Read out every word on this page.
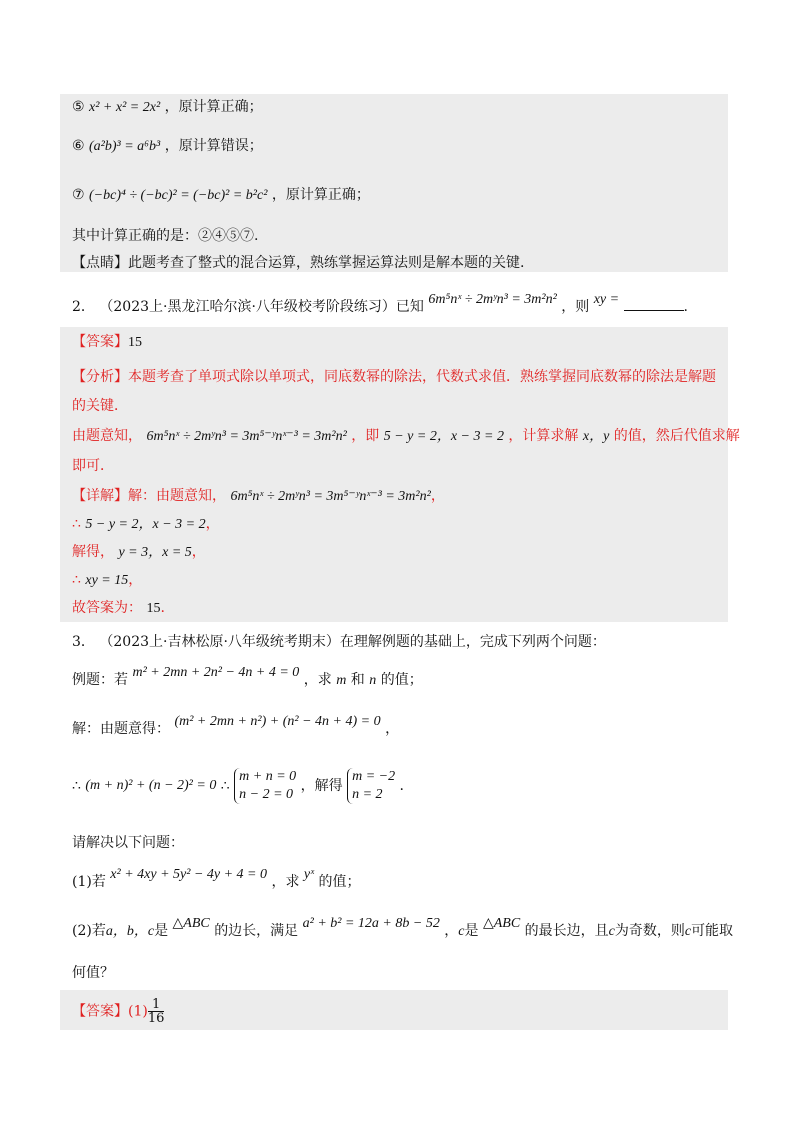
⑤ x² + x² = 2x² ，原计算正确；
⑥ (a²b)³ = a⁶b³ ，原计算错误；
⑦ (−bc)⁴ ÷ (−bc)² = (−bc)² = b²c² ，原计算正确；
其中计算正确的是：②④⑤⑦.
【点睛】此题考查了整式的混合运算，熟练掌握运算法则是解本题的关键.
2． （2023上·黑龙江哈尔滨·八年级校考阶段练习）已知 6m⁵nˣ ÷ 2mʸn³ = 3m²n² ，则 xy =	.
【答案】15
【分析】本题考查了单项式除以单项式，同底数幂的除法，代数式求值．熟练掌握同底数幂的除法是解题
的关键．
由题意知， 6m⁵nˣ ÷ 2mʸn³ = 3m⁵⁻ʸnˣ⁻³ = 3m²n² ，即 5 − y = 2，x − 3 = 2 ，计算求解 x，y 的值，然后代值求解
即可．
【详解】解：由题意知， 6m⁵nˣ ÷ 2mʸn³ = 3m⁵⁻ʸnˣ⁻³ = 3m²n²，
∴ 5 − y = 2，x − 3 = 2，
解得， y = 3，x = 5，
∴ xy = 15，
故答案为： 15.
3． （2023上·吉林松原·八年级统考期末）在理解例题的基础上，完成下列两个问题：
例题：若 m² + 2mn + 2n² − 4n + 4 = 0 ，求 m 和 n 的值；
解：由题意得： (m² + 2mn + n²) + (n² − 4n + 4) = 0 ，
∴ (m + n)² + (n − 2)² = 0 ∴
m + n = 0
n − 2 = 0
，解得
m = −2
n = 2
.
请解决以下问题：
(1)若 x² + 4xy + 5y² − 4y + 4 = 0 ，求 yˣ 的值；
(2)若a，b，c是 △ABC 的边长，满足 a² + b² = 12a + 8b − 52 ，c是 △ABC 的最长边，且c为奇数，则c可能取
何值？
【答案】$(1) \frac{1}{16}$
